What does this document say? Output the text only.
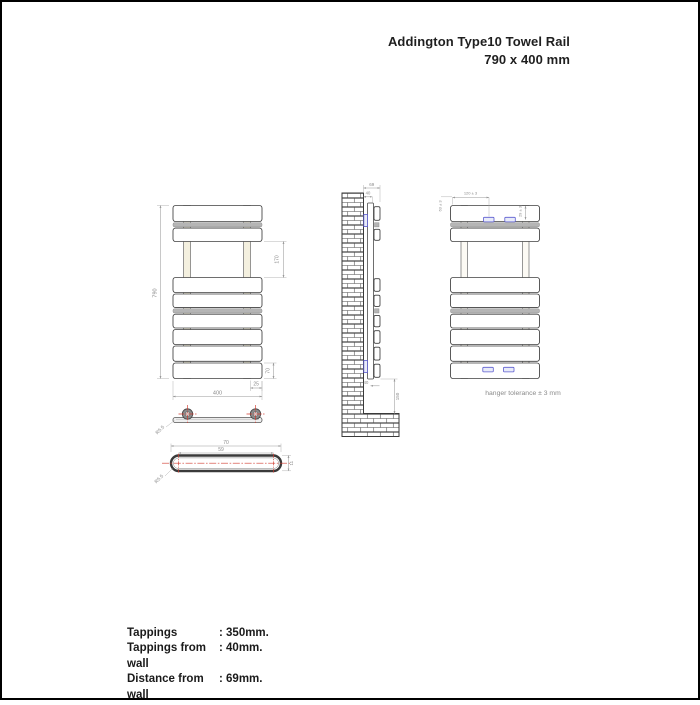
790
170
70
25
400
R5.5
70
59
R5.5
11
69
40
40
150
120 ± 3
63 ± 3	29 ± 3
hanger tolerance ± 3 mm
Addington Type10 Towel Rail
790 x 400 mm
Tappings	: 350mm.
Tappings from wall
: 40mm.
Distance from wall
: 69mm.
